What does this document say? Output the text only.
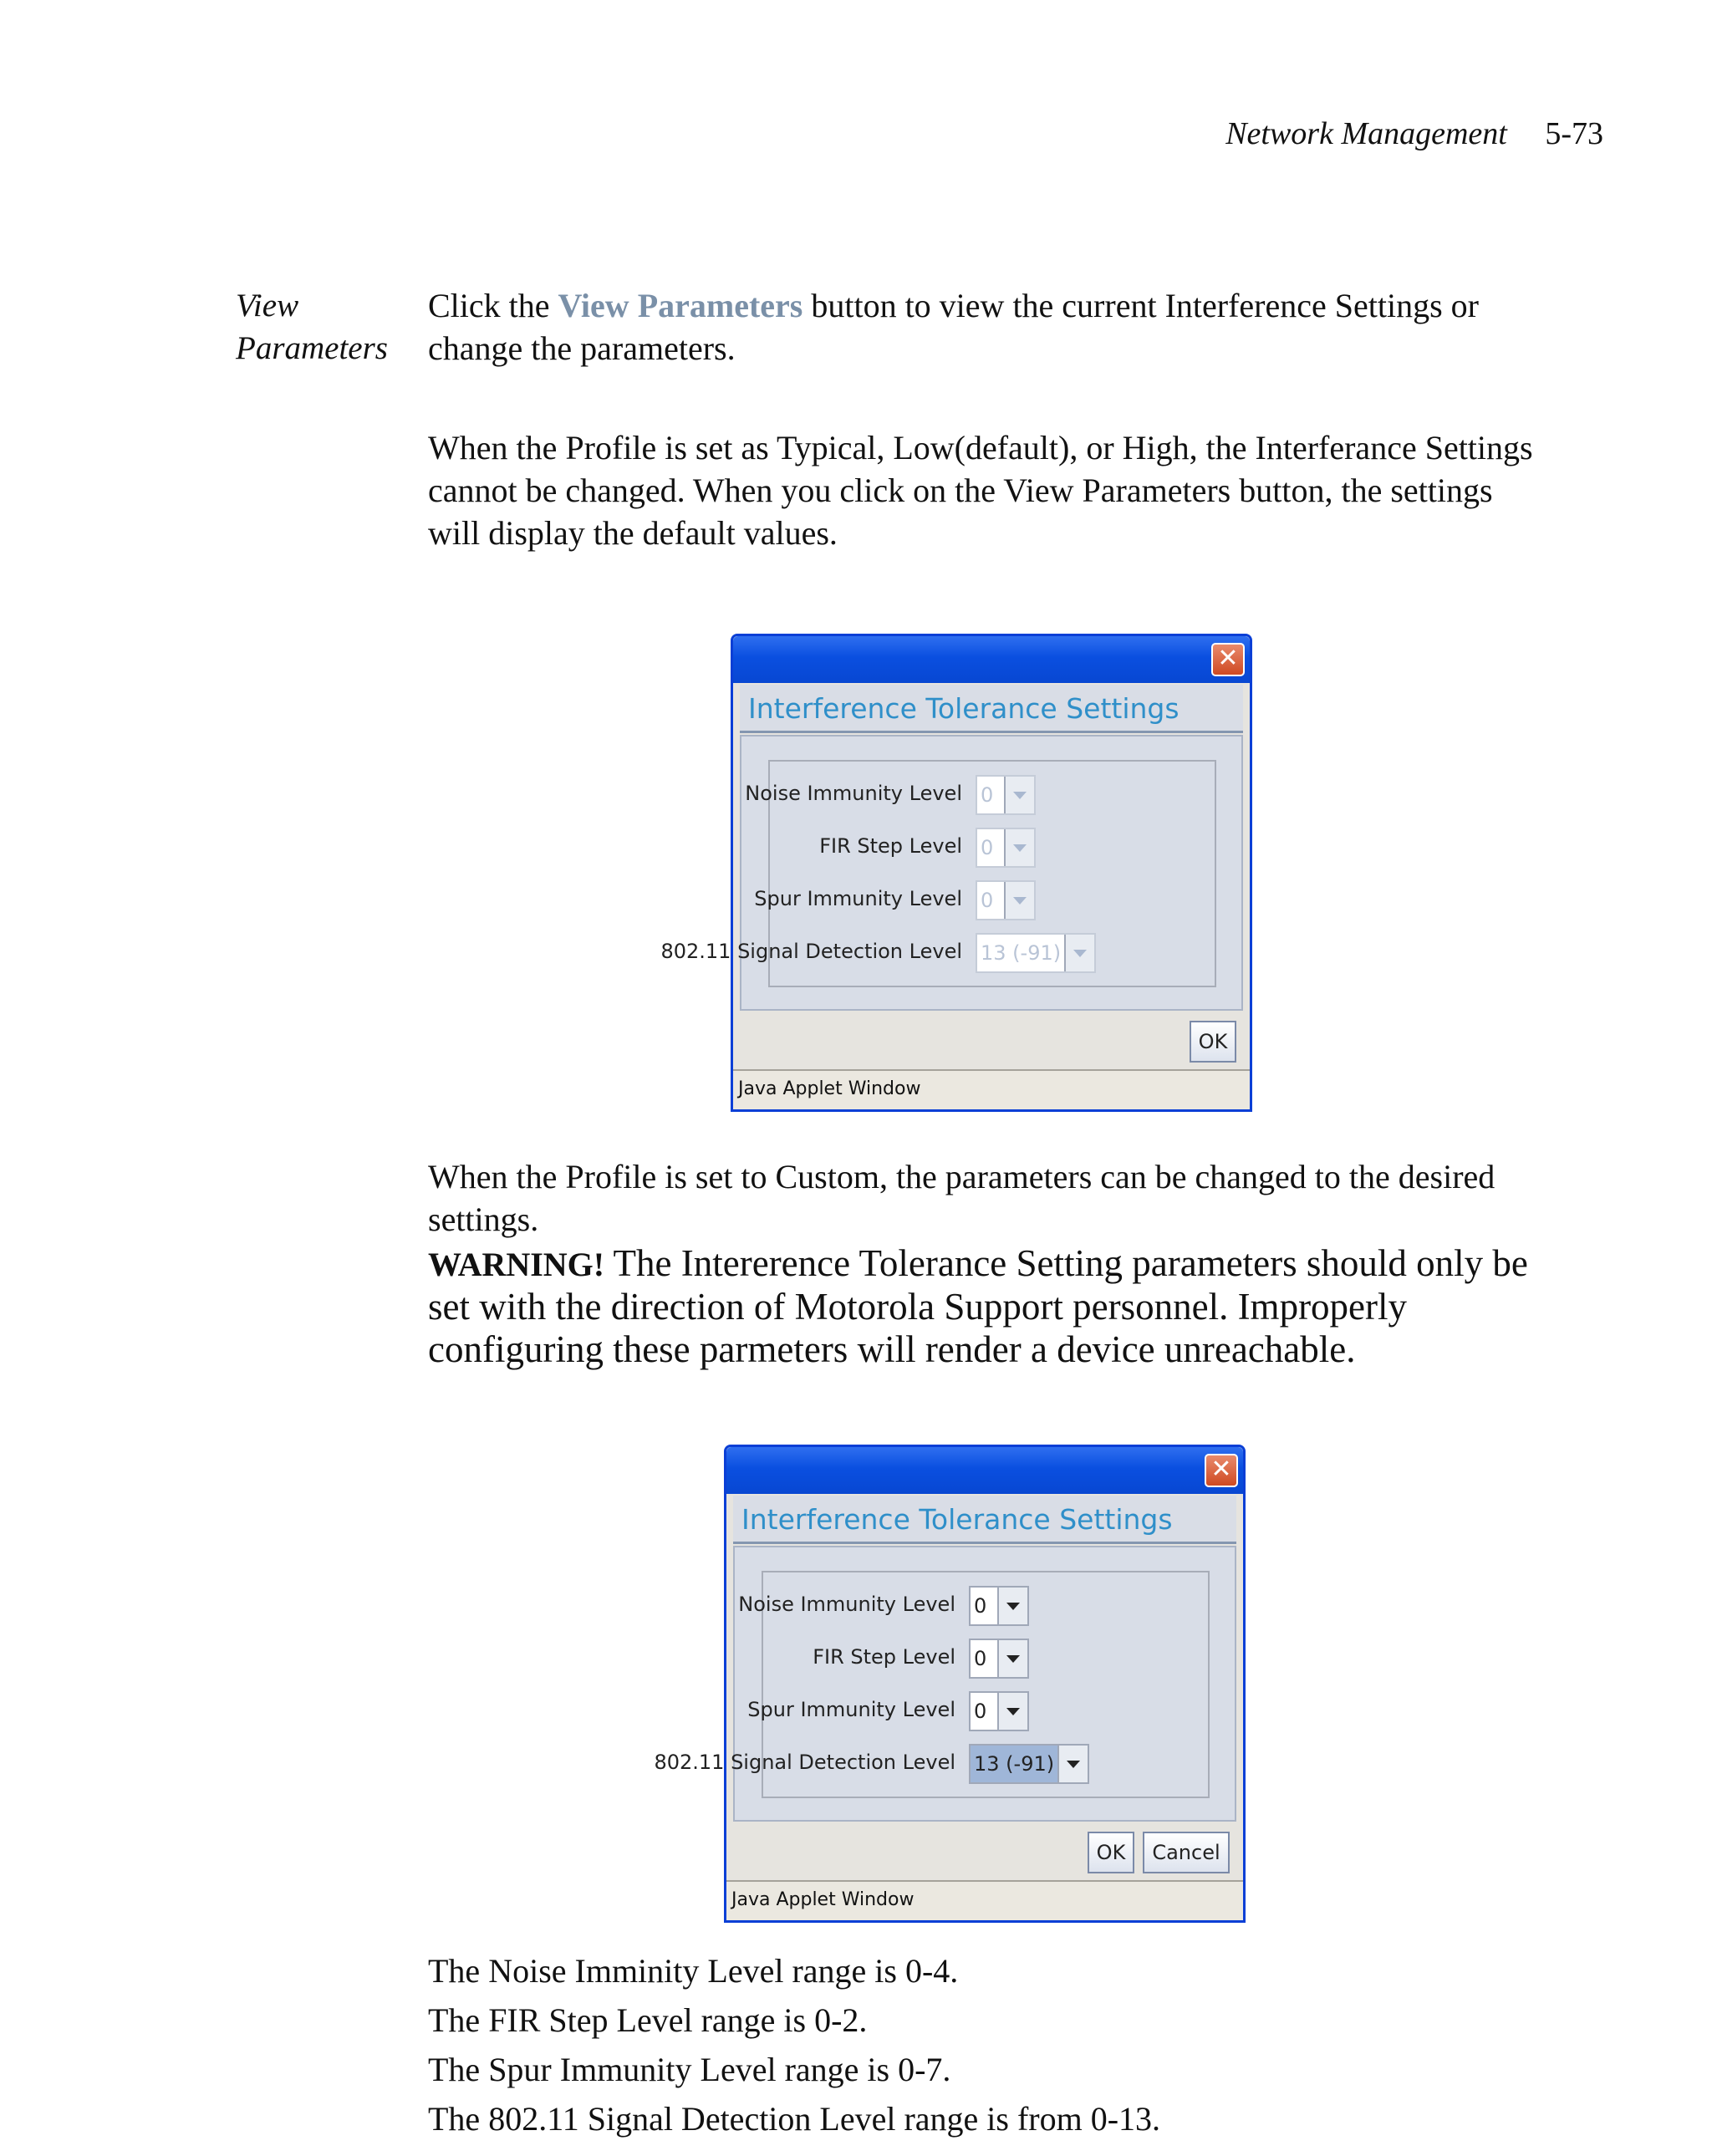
Network Management 5-73
View
Parameters
Click the View Parameters button to view the current Interference Settings or change the parameters.
When the Profile is set as Typical, Low(default), or High, the Interferance Settings cannot be changed. When you click on the View Parameters button, the settings will display the default values.
✕
Interference Tolerance Settings
Noise Immunity Level 0
FIR Step Level 0
Spur Immunity Level 0
802.11 Signal Detection Level 13 (-91)
OK
Java Applet Window
When the Profile is set to Custom, the parameters can be changed to the desired settings.
WARNING! The Intererence Tolerance Setting parameters should only be set with the direction of Motorola Support personnel. Improperly configuring these parmeters will render a device unreachable.
✕
Interference Tolerance Settings
Noise Immunity Level 0
FIR Step Level 0
Spur Immunity Level 0
802.11 Signal Detection Level 13 (-91)
OK	Cancel
Java Applet Window
The Noise Imminity Level range is 0-4.
The FIR Step Level range is 0-2.
The Spur Immunity Level range is 0-7.
The 802.11 Signal Detection Level range is from 0-13.
